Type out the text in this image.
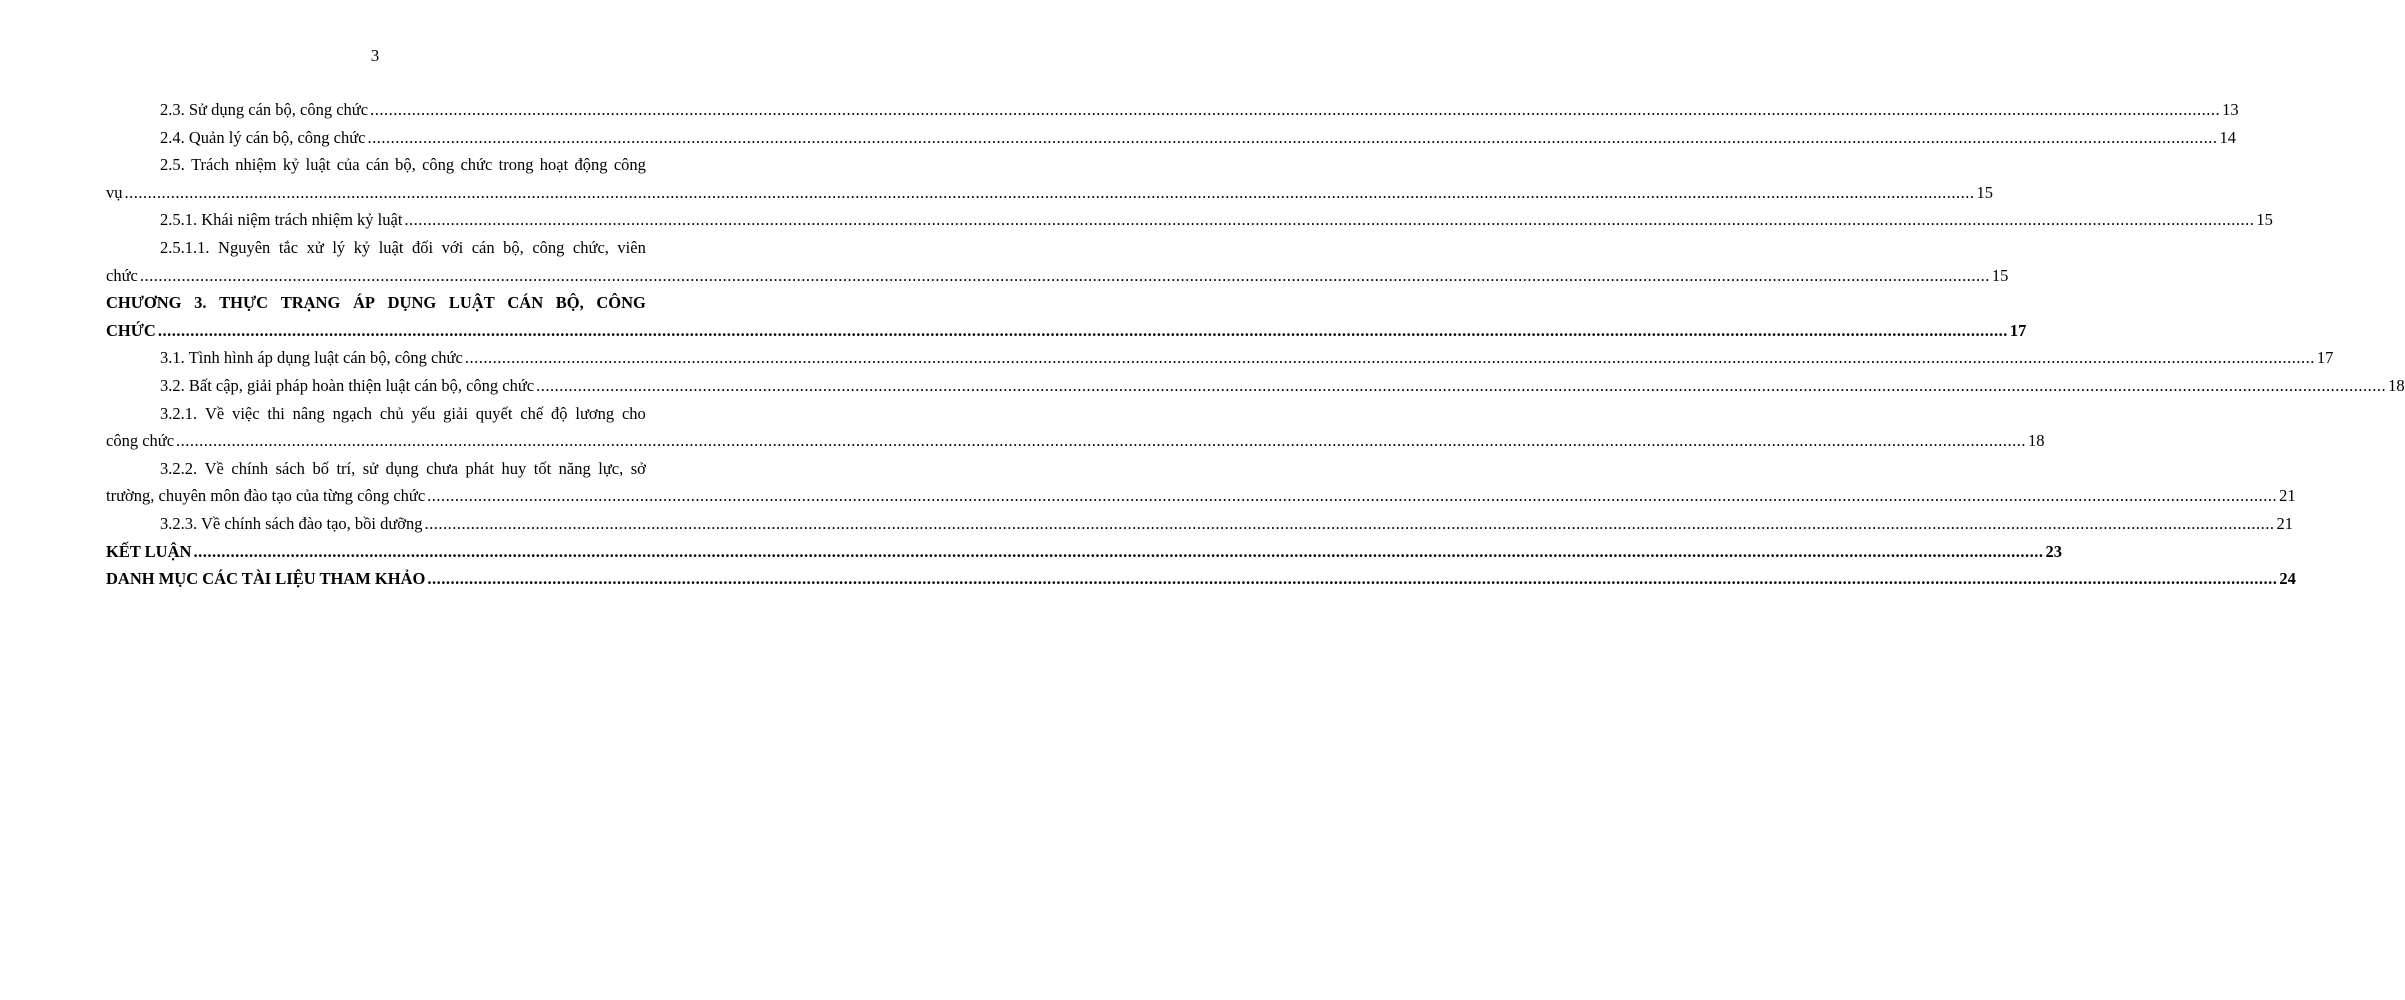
3
2.3. Sử dụng cán bộ, công chức ................................................................................................................................................................................................................................................................................................................................................................................................................ 13
2.4. Quản lý cán bộ, công chức ................................................................................................................................................................................................................................................................................................................................................................................................................ 14
2.5. Trách nhiệm kỷ luật của cán bộ, công chức trong hoạt động công
vụ ................................................................................................................................................................................................................................................................................................................................................................................................................ 15
2.5.1. Khái niệm trách nhiệm kỷ luật ................................................................................................................................................................................................................................................................................................................................................................................................................ 15
2.5.1.1. Nguyên tắc xử lý kỷ luật đối với cán bộ, công chức, viên
chức ................................................................................................................................................................................................................................................................................................................................................................................................................ 15
CHƯƠNG 3. THỰC TRẠNG ÁP DỤNG LUẬT CÁN BỘ, CÔNG
CHỨC ................................................................................................................................................................................................................................................................................................................................................................................................................ 17
3.1. Tình hình áp dụng luật cán bộ, công chức ................................................................................................................................................................................................................................................................................................................................................................................................................ 17
3.2. Bất cập, giải pháp hoàn thiện luật cán bộ, công chức ................................................................................................................................................................................................................................................................................................................................................................................................................ 18
3.2.1. Về việc thi nâng ngạch chủ yếu giải quyết chế độ lương cho
công chức ................................................................................................................................................................................................................................................................................................................................................................................................................ 18
3.2.2. Về chính sách bố trí, sử dụng chưa phát huy tốt năng lực, sở
trường, chuyên môn đào tạo của từng công chức ................................................................................................................................................................................................................................................................................................................................................................................................................ 21
3.2.3. Về chính sách đào tạo, bồi dưỡng ................................................................................................................................................................................................................................................................................................................................................................................................................ 21
KẾT LUẬN ................................................................................................................................................................................................................................................................................................................................................................................................................ 23
DANH MỤC CÁC TÀI LIỆU THAM KHẢO ................................................................................................................................................................................................................................................................................................................................................................................................................ 24
